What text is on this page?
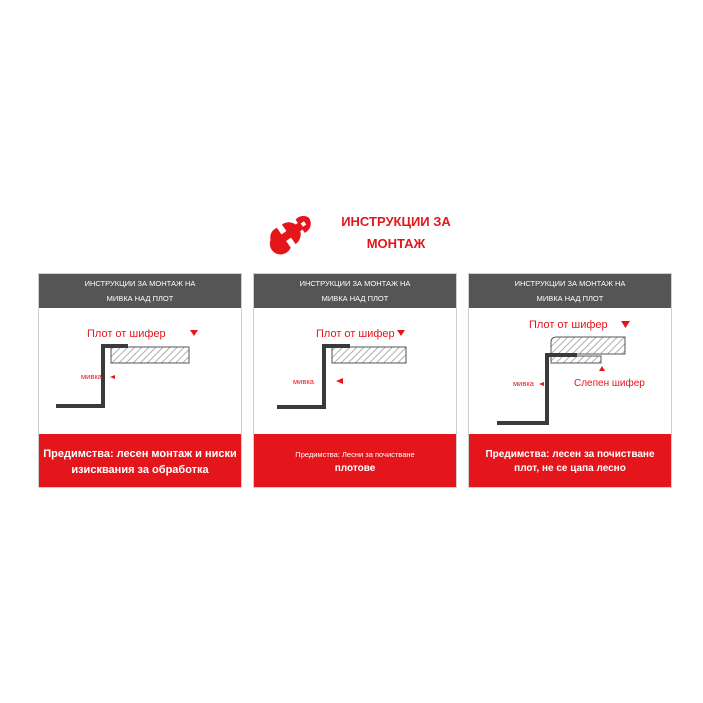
ИНСТРУКЦИИ ЗА
МОНТАЖ
ИНСТРУКЦИИ ЗА МОНТАЖ НА
МИВКА НАД ПЛОТ
Плот от шифер
мивка
Предимства: лесен монтаж и ниски
изисквания за обработка
ИНСТРУКЦИИ ЗА МОНТАЖ НА
МИВКА НАД ПЛОТ
Плот от шифер
мивка
Предимства: Лесни за почистване
плотове
ИНСТРУКЦИИ ЗА МОНТАЖ НА
МИВКА НАД ПЛОТ
Плот от шифер
мивка	Слепен шифер
Предимства: лесен за почистване
плот, не се цапа лесно
